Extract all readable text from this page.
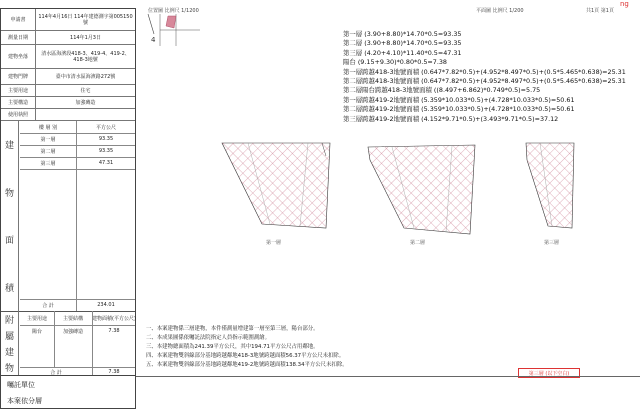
申請書
114年4月16日 114年建德測字第005150號
測量日期	114年1月3日
建物坐落
清水區海濱段418-3、419-4、419-2、418-3地號
建物門牌	臺中市清水區海濱路272號
主要用途	住宅
主要構造	加強磚造
使用執照
建
物
面
積
樓 層 別	平方公尺
第一層	93.35
第二層	93.35
第三層	47.31
合 計	234.01
附
屬
建
物
主要用途	主要結構	建物面積(平方公尺)
陽台	加強磚造	7.38
合 計	7.38
囑託單位
本案依分層
位置圖 比例尺 1/1200	平面圖 比例尺 1/200	共1頁 第1頁
ng
4
第一層 (3.90+8.80)*14.70*0.5=93.35
第二層 (3.90+8.80)*14.70*0.5=93.35
第三層 (4.20+4.10)*11.40*0.5=47.31
陽台 (9.15+9.30)*0.80*0.5=7.38
第一層跨越418-3地號面積 (0.647*7.82*0.5)+(4.952*8.497*0.5)+(0.5*5.465*0.638)=25.31
第二層跨越418-3地號面積 (0.647*7.82*0.5)+(4.952*8.497*0.5)+(0.5*5.465*0.638)=25.31
第二層陽台跨越418-3地號面積 ((8.497+6.862)*0.749*0.5)=5.75
第一層跨越419-2地號面積 (5.359*10.033*0.5)+(4.728*10.033*0.5)=50.61
第二層跨越419-2地號面積 (5.359*10.033*0.5)+(4.728*10.033*0.5)=50.61
第三層跨越419-2地號面積 (4.152*9.71*0.5)+(3.493*9.71*0.5)=37.12
第一層	第二層	第三層
一、本案建物係三層建物，本件僅測量增建第一層至第三層，陽台部分。
二、本成果圖係依囑託法院指定人員指示範圍測繪。
三、本建物總面積為241.39平方公尺，其中194.71平方公尺占用鄰地。
四、本案建物雙斜線部分基地跨越鄰地418-3地號跨越面積56.37平方公尺未扣除。
五、本案建物雙斜線部分基地跨越鄰地419-2地號跨越面積138.34平方公尺未扣除。
第三層 (以下空白)
